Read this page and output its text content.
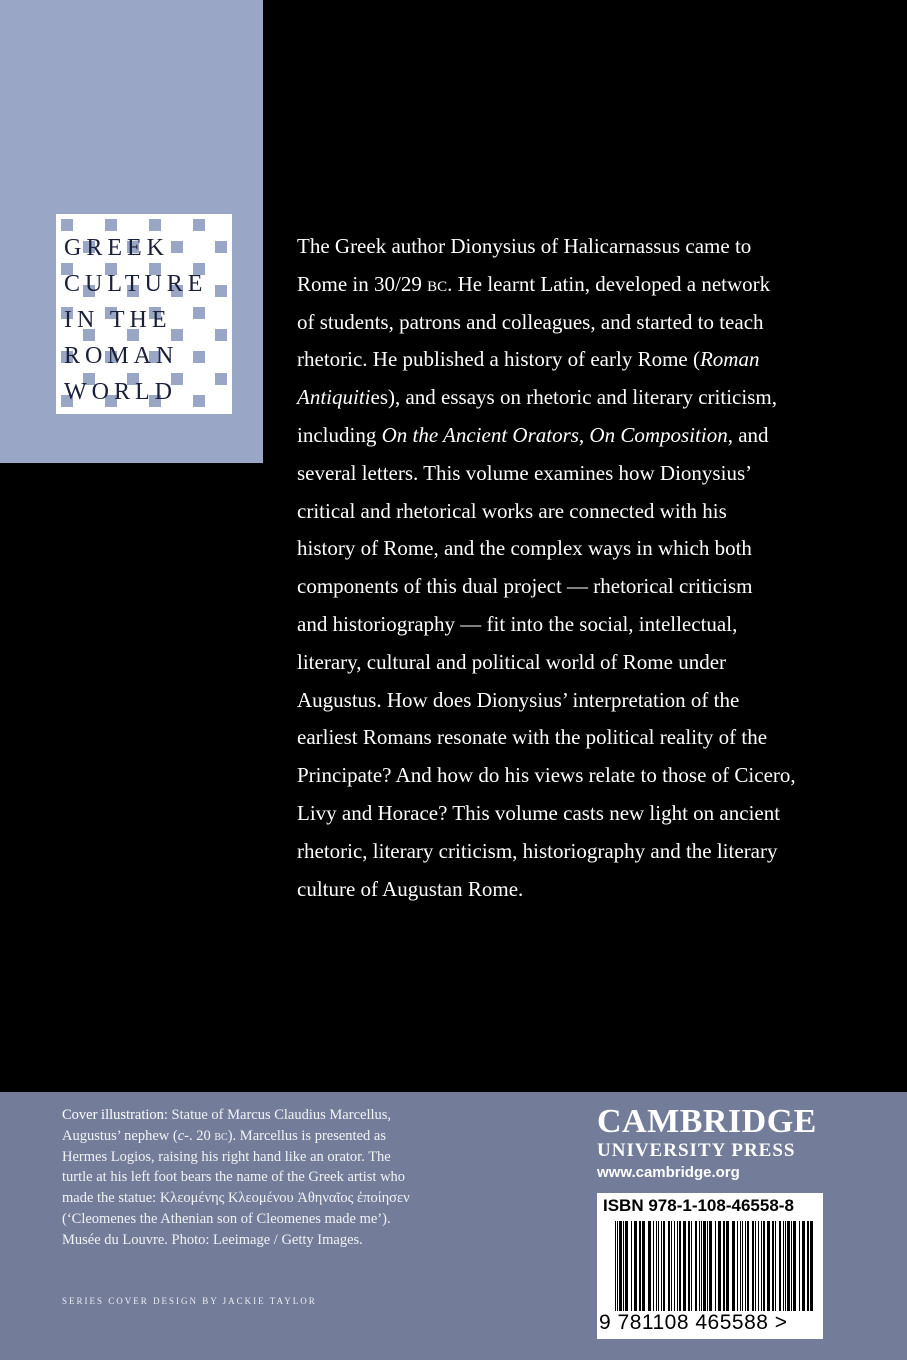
GREEK
CULTURE
IN THE
ROMAN
WORLD
The Greek author Dionysius of Halicarnassus came to
Rome in 30/29 bc. He learnt Latin, developed a network
of students, patrons and colleagues, and started to teach
rhetoric. He published a history of early Rome (Roman
Antiquities), and essays on rhetoric and literary criticism,
including On the Ancient Orators, On Composition, and
several letters. This volume examines how Dionysius’
critical and rhetorical works are connected with his
history of Rome, and the complex ways in which both
components of this dual project — rhetorical criticism
and historiography — fit into the social, intellectual,
literary, cultural and political world of Rome under
Augustus. How does Dionysius’ interpretation of the
earliest Romans resonate with the political reality of the
Principate? And how do his views relate to those of Cicero,
Livy and Horace? This volume casts new light on ancient
rhetoric, literary criticism, historiography and the literary
culture of Augustan Rome.
Cover illustration: Statue of Marcus Claudius Marcellus,
Augustus’ nephew (c-. 20 bc). Marcellus is presented as
Hermes Logios, raising his right hand like an orator. The
turtle at his left foot bears the name of the Greek artist who
made the statue: Κλεομένης Κλεομένου Ἀθηναῖος ἐποίησεν
(‘Cleomenes the Athenian son of Cleomenes made me’).
Musée du Louvre. Photo: Leeimage / Getty Images.
SERIES COVER DESIGN BY JACKIE TAYLOR
CAMBRIDGE
UNIVERSITY PRESS
www.cambridge.org
ISBN 978-1-108-46558-8
9 781108 465588 >
